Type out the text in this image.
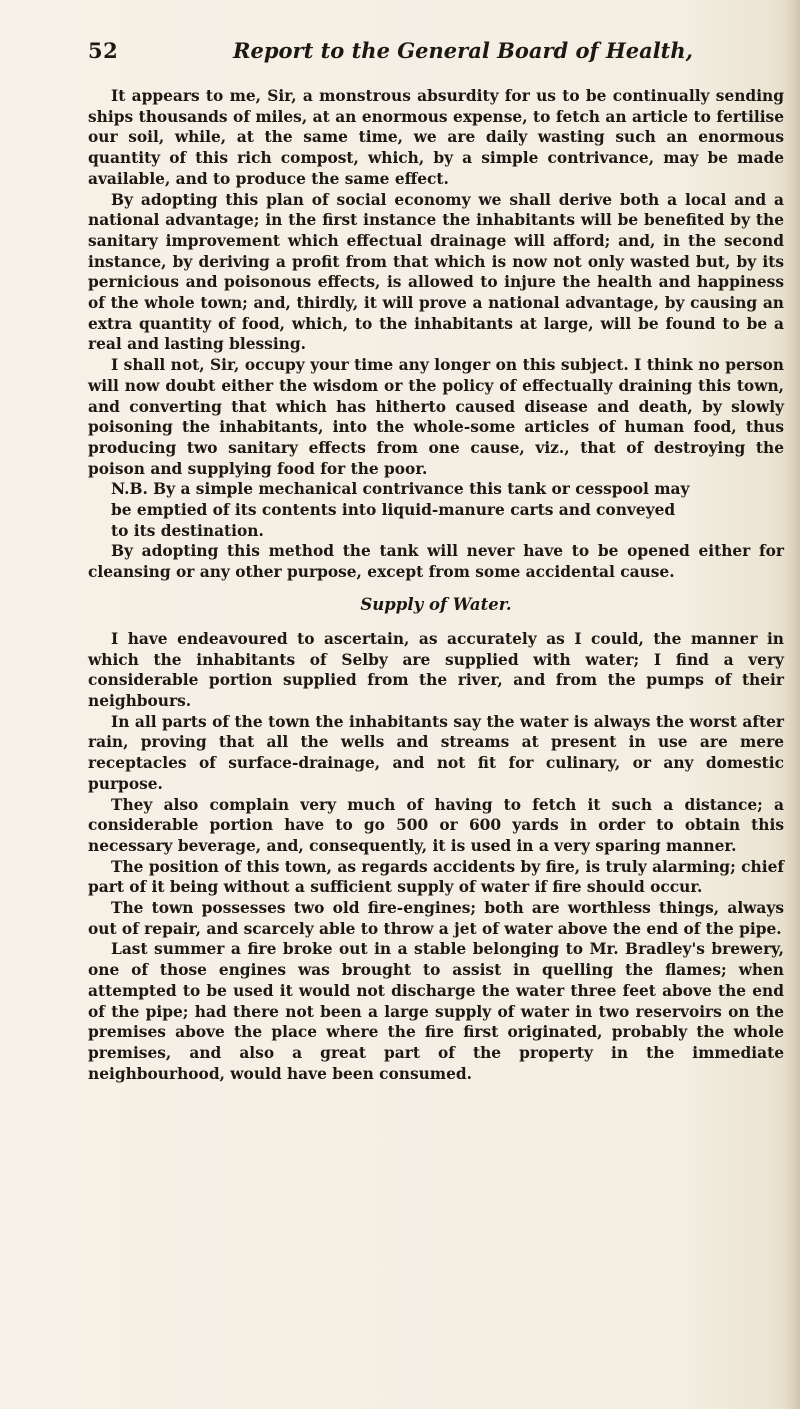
52	Report to the General Board of Health,

It appears to me, Sir, a monstrous absurdity for us to be continually sending ships thousands of miles, at an enormous expense, to fetch an article to fertilise our soil, while, at the same time, we are daily wasting such an enormous quantity of this rich compost, which, by a simple contrivance, may be made available, and to produce the same effect.

By adopting this plan of social economy we shall derive both a local and a national advantage; in the first instance the inhabitants will be benefited by the sanitary improvement which effectual drainage will afford; and, in the second instance, by deriving a profit from that which is now not only wasted but, by its pernicious and poisonous effects, is allowed to injure the health and happiness of the whole town; and, thirdly, it will prove a national advantage, by causing an extra quantity of food, which, to the inhabitants at large, will be found to be a real and lasting blessing.

I shall not, Sir, occupy your time any longer on this subject. I think no person will now doubt either the wisdom or the policy of effectually draining this town, and converting that which has hitherto caused disease and death, by slowly poisoning the inhabitants, into the whole-some articles of human food, thus producing two sanitary effects from one cause, viz., that of destroying the poison and supplying food for the poor.

N.B. By a simple mechanical contrivance this tank or cesspool may
be emptied of its contents into liquid-manure carts and conveyed
to its destination.

By adopting this method the tank will never have to be opened either for cleansing or any other purpose, except from some accidental cause.

Supply of Water.

I have endeavoured to ascertain, as accurately as I could, the manner in which the inhabitants of Selby are supplied with water; I find a very considerable portion supplied from the river, and from the pumps of their neighbours.

In all parts of the town the inhabitants say the water is always the worst after rain, proving that all the wells and streams at present in use are mere receptacles of surface-drainage, and not fit for culinary, or any domestic purpose.

They also complain very much of having to fetch it such a distance; a considerable portion have to go 500 or 600 yards in order to obtain this necessary beverage, and, consequently, it is used in a very sparing manner.

The position of this town, as regards accidents by fire, is truly alarming; chief part of it being without a sufficient supply of water if fire should occur.

The town possesses two old fire-engines; both are worthless things, always out of repair, and scarcely able to throw a jet of water above the end of the pipe.

Last summer a fire broke out in a stable belonging to Mr. Bradley's brewery, one of those engines was brought to assist in quelling the flames; when attempted to be used it would not discharge the water three feet above the end of the pipe; had there not been a large supply of water in two reservoirs on the premises above the place where the fire first originated, probably the whole premises, and also a great part of the property in the immediate neighbourhood, would have been consumed.
